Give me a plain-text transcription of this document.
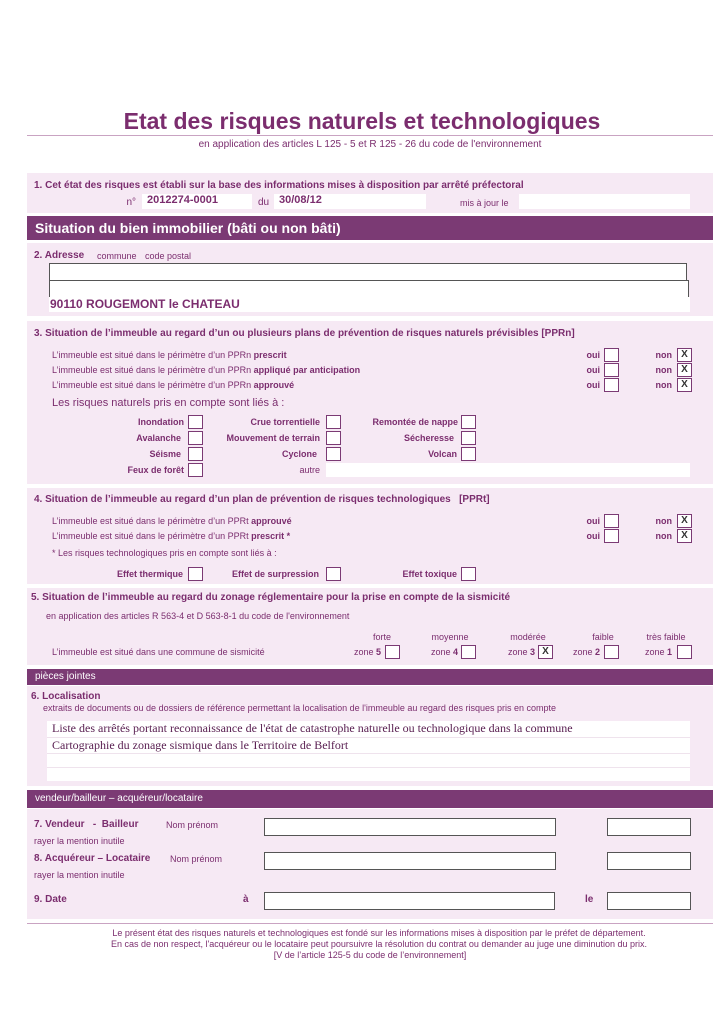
Etat des risques naturels et technologiques
en application des articles L 125 - 5 et R 125 - 26 du code de l'environnement
1. Cet état des risques est établi sur la base des informations mises à disposition par arrêté préfectoral
n°	2012274-0001	du 30/08/12	mis à jour le
Situation du bien immobilier (bâti ou non bâti)
2. Adresse commune code postal
90110 ROUGEMONT le CHATEAU
3. Situation de l’immeuble au regard d’un ou plusieurs plans de prévention de risques naturels prévisibles [PPRn]
L’immeuble est situé dans le périmètre d’un PPRn prescrit	oui	non X
L’immeuble est situé dans le périmètre d’un PPRn appliqué par anticipation	oui	non X
L’immeuble est situé dans le périmètre d’un PPRn approuvé	oui	non X
Les risques naturels pris en compte sont liés à :
Inondation	Crue torrentielle	Remontée de nappe
Avalanche	Mouvement de terrain	Sécheresse
Séisme	Cyclone	Volcan
Feux de forêt	autre
4. Situation de l’immeuble au regard d’un plan de prévention de risques technologiques [PPRt]
L’immeuble est situé dans le périmètre d’un PPRt approuvé	oui	non X
L’immeuble est situé dans le périmètre d’un PPRt prescrit *	oui	non X
* Les risques technologiques pris en compte sont liés à :
Effet thermique	Effet de surpression	Effet toxique
5. Situation de l’immeuble au regard du zonage réglementaire pour la prise en compte de la sismicité
en application des articles R 563-4 et D 563-8-1 du code de l'environnement
forte	moyenne	modérée	faible	très faible
L’immeuble est situé dans une commune de sismicité	zone 5	zone 4	zone 3 X	zone 2	zone 1
pièces jointes
6. Localisation
extraits de documents ou de dossiers de référence permettant la localisation de l'immeuble au regard des risques pris en compte
Liste des arrêtés portant reconnaissance de l'état de catastrophe naturelle ou technologique dans la commune
Cartographie du zonage sismique dans le Territoire de Belfort
vendeur/bailleur – acquéreur/locataire
7. Vendeur   -  Bailleur	Nom prénom
rayer la mention inutile
8. Acquéreur – Locataire Nom prénom
rayer la mention inutile
9. Date	à	le
Le présent état des risques naturels et technologiques est fondé sur les informations mises à disposition par le préfet de département.
En cas de non respect, l'acquéreur ou le locataire peut poursuivre la résolution du contrat ou demander au juge une diminution du prix.
[V de l’article 125-5 du code de l’environnement]
